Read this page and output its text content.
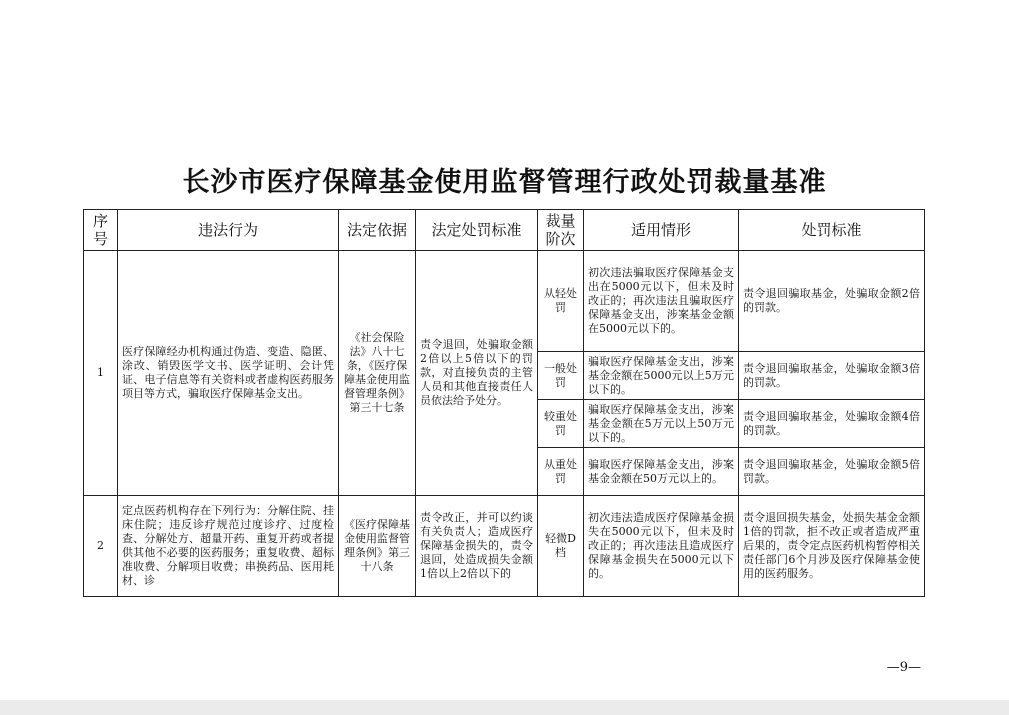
长沙市医疗保障基金使用监督管理行政处罚裁量基准
序号	违法行为	法定依据	法定处罚标准	裁量阶次	适用情形	处罚标准
1	医疗保障经办机构通过伪造、变造、隐匿、涂改、销毁医学文书、医学证明、会计凭证、电子信息等有关资料或者虚构医药服务项目等方式，骗取医疗保障基金支出。	《社会保险法》八十七条，《医疗保障基金使用监督管理条例》第三十七条	责令退回，处骗取金额2倍以上5倍以下的罚款，对直接负责的主管人员和其他直接责任人员依法给予处分。	从轻处罚	初次违法骗取医疗保障基金支出在5000元以下，但未及时改正的；再次违法且骗取医疗保障基金支出，涉案基金金额在5000元以下的。	责令退回骗取基金，处骗取金额2倍的罚款。
				一般处罚	骗取医疗保障基金支出，涉案基金金额在5000元以上5万元以下的。	责令退回骗取基金，处骗取金额3倍的罚款。
				较重处罚	骗取医疗保障基金支出，涉案基金金额在5万元以上50万元以下的。	责令退回骗取基金，处骗取金额4倍的罚款。
				从重处罚	骗取医疗保障基金支出，涉案基金金额在50万元以上的。	责令退回骗取基金，处骗取金额5倍罚款。
2	定点医药机构存在下列行为：分解住院、挂床住院；违反诊疗规范过度诊疗、过度检查、分解处方、超量开药、重复开药或者提供其他不必要的医药服务；重复收费、超标准收费、分解项目收费；串换药品、医用耗材、诊	《医疗保障基金使用监督管理条例》第三十八条	责令改正，并可以约谈有关负责人；造成医疗保障基金损失的，责令退回，处造成损失金额1倍以上2倍以下的	轻微D档	初次违法造成医疗保障基金损失在5000元以下，但未及时改正的；再次违法且造成医疗保障基金损失在5000元以下的。	责令退回损失基金，处损失基金金额1倍的罚款，拒不改正或者造成严重后果的，责令定点医药机构暂停相关责任部门6个月涉及医疗保障基金使用的医药服务。
—9—
